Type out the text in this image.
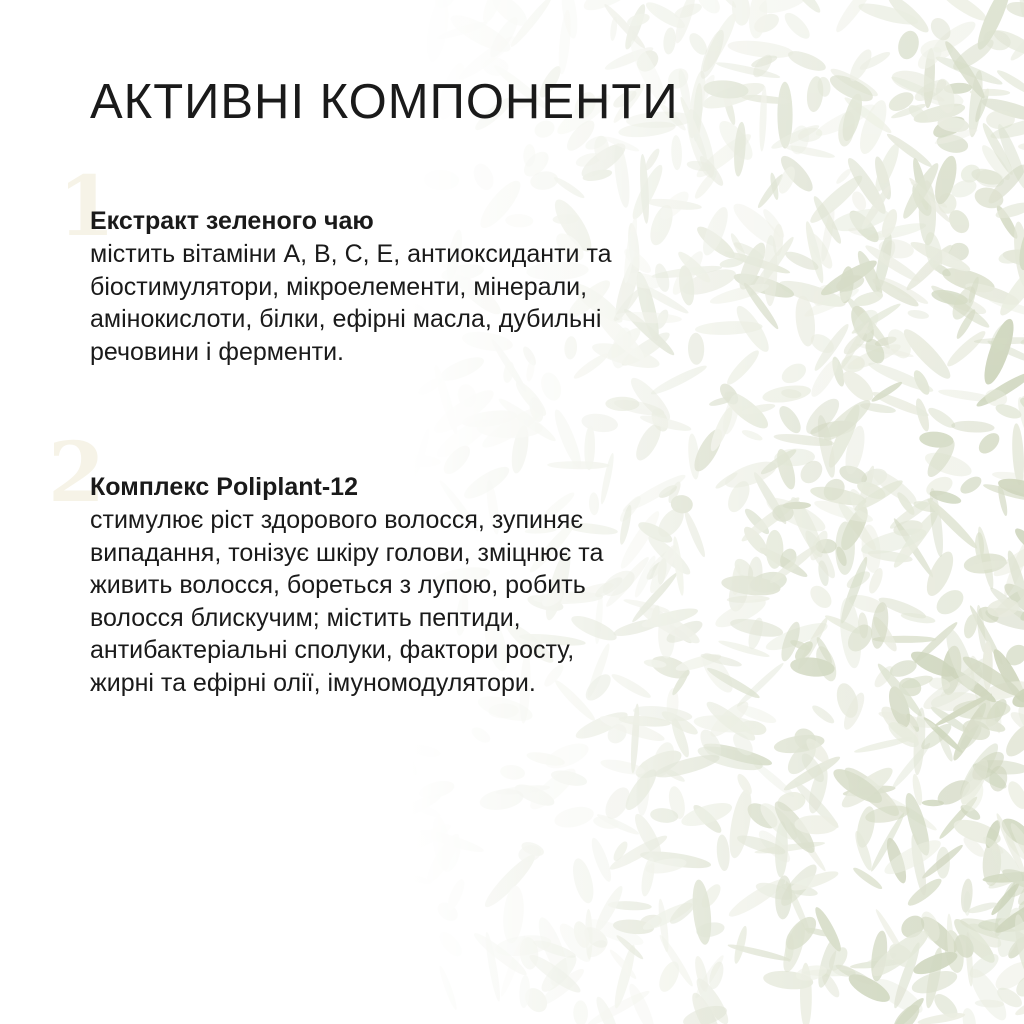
АКТИВНІ КОМПОНЕНТИ
1
Екстракт зеленого чаю

містить вітаміни A, B, C, E, антиоксиданти та
біостимулятори, мікроелементи, мінерали,
амінокислоти, білки, ефірні масла, дубильні
речовини і ферменти.

2
Комплекс Poliplant-12

стимулює ріст здорового волосся, зупиняє
випадання, тонізує шкіру голови, зміцнює та
живить волосся, бореться з лупою, робить
волосся блискучим; містить пептиди,
антибактеріальні сполуки, фактори росту,
жирні та ефірні олії, імуномодулятори.
